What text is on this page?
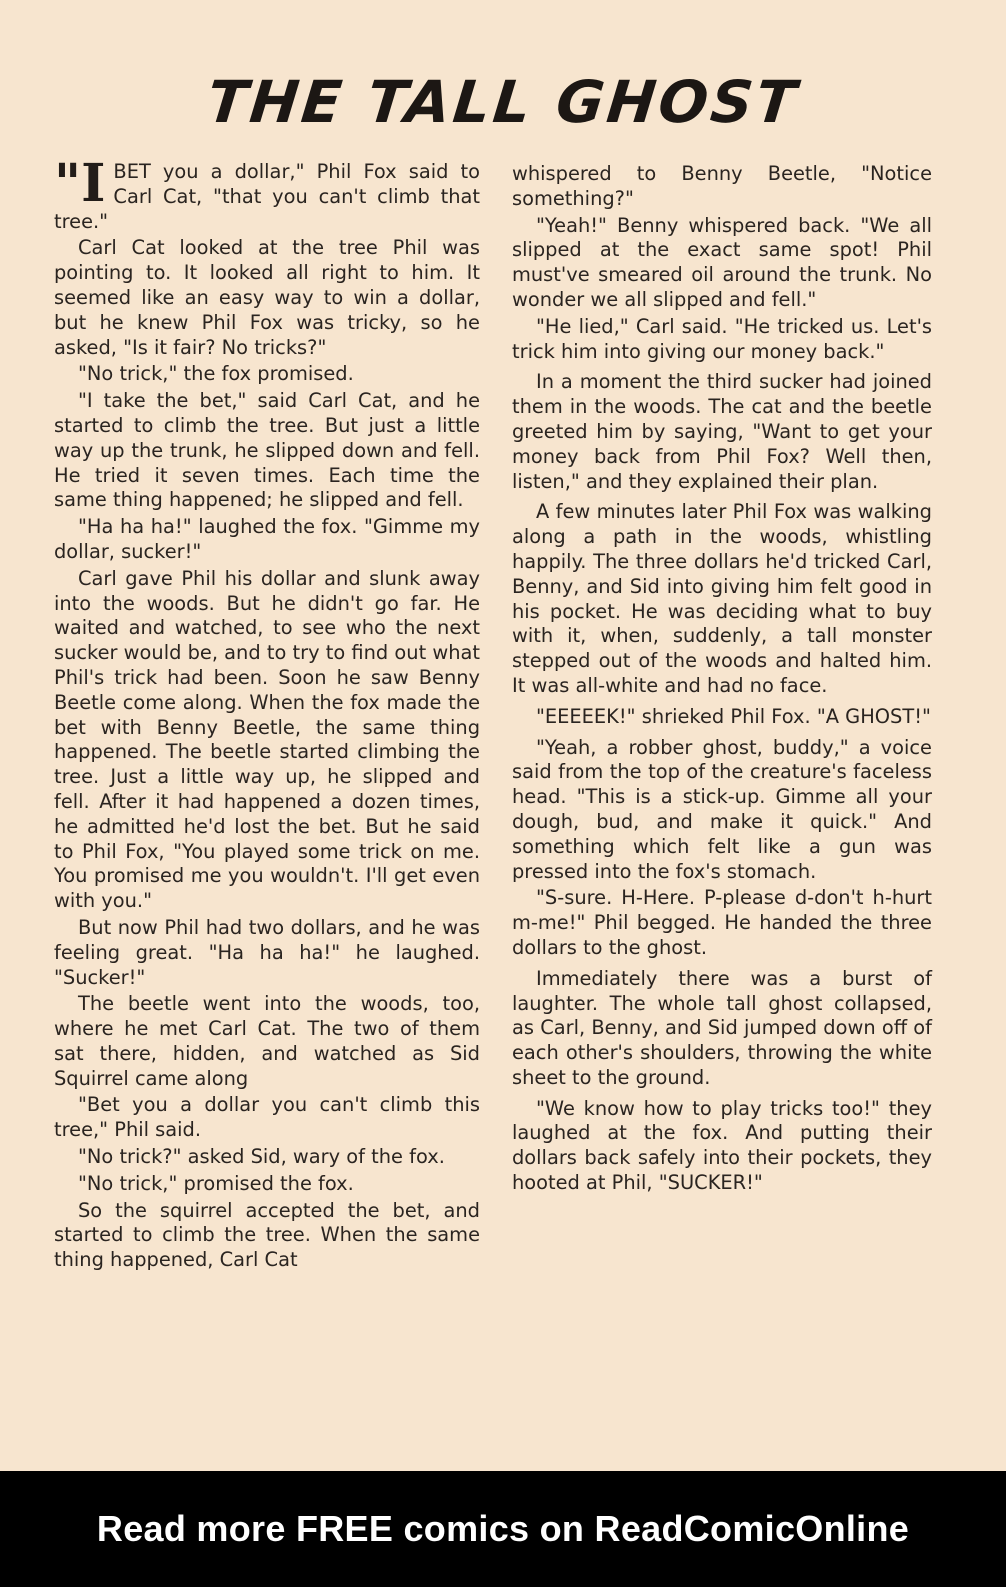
THE TALL GHOST

"I BET you a dollar," Phil Fox said to Carl Cat, "that you can't climb that tree."

Carl Cat looked at the tree Phil was pointing to. It looked all right to him. It seemed like an easy way to win a dollar, but he knew Phil Fox was tricky, so he asked, "Is it fair? No tricks?"

"No trick," the fox promised.

"I take the bet," said Carl Cat, and he started to climb the tree. But just a little way up the trunk, he slipped down and fell. He tried it seven times. Each time the same thing happened; he slipped and fell.

"Ha ha ha!" laughed the fox. "Gimme my dollar, sucker!"

Carl gave Phil his dollar and slunk away into the woods. But he didn't go far. He waited and watched, to see who the next sucker would be, and to try to find out what Phil's trick had been. Soon he saw Benny Beetle come along. When the fox made the bet with Benny Beetle, the same thing happened. The beetle started climbing the tree. Just a little way up, he slipped and fell. After it had happened a dozen times, he admitted he'd lost the bet. But he said to Phil Fox, "You played some trick on me. You promised me you wouldn't. I'll get even with you."

But now Phil had two dollars, and he was feeling great. "Ha ha ha!" he laughed. "Sucker!"

The beetle went into the woods, too, where he met Carl Cat. The two of them sat there, hidden, and watched as Sid Squirrel came along

"Bet you a dollar you can't climb this tree," Phil said.

"No trick?" asked Sid, wary of the fox.

"No trick," promised the fox.

So the squirrel accepted the bet, and started to climb the tree. When the same thing happened, Carl Cat

whispered to Benny Beetle, "Notice something?"

"Yeah!" Benny whispered back. "We all slipped at the exact same spot! Phil must've smeared oil around the trunk. No wonder we all slipped and fell."

"He lied," Carl said. "He tricked us. Let's trick him into giving our money back."

In a moment the third sucker had joined them in the woods. The cat and the beetle greeted him by saying, "Want to get your money back from Phil Fox? Well then, listen," and they explained their plan.

A few minutes later Phil Fox was walking along a path in the woods, whistling happily. The three dollars he'd tricked Carl, Benny, and Sid into giving him felt good in his pocket. He was deciding what to buy with it, when, suddenly, a tall monster stepped out of the woods and halted him. It was all-white and had no face.

"EEEEEK!" shrieked Phil Fox. "A GHOST!"

"Yeah, a robber ghost, buddy," a voice said from the top of the creature's faceless head. "This is a stick-up. Gimme all your dough, bud, and make it quick." And something which felt like a gun was pressed into the fox's stomach.

"S-sure. H-Here. P-please d-don't h-hurt m-me!" Phil begged. He handed the three dollars to the ghost.

Immediately there was a burst of laughter. The whole tall ghost collapsed, as Carl, Benny, and Sid jumped down off of each other's shoulders, throwing the white sheet to the ground.

"We know how to play tricks too!" they laughed at the fox. And putting their dollars back safely into their pockets, they hooted at Phil, "SUCKER!"

Read more FREE comics on ReadComicOnline
